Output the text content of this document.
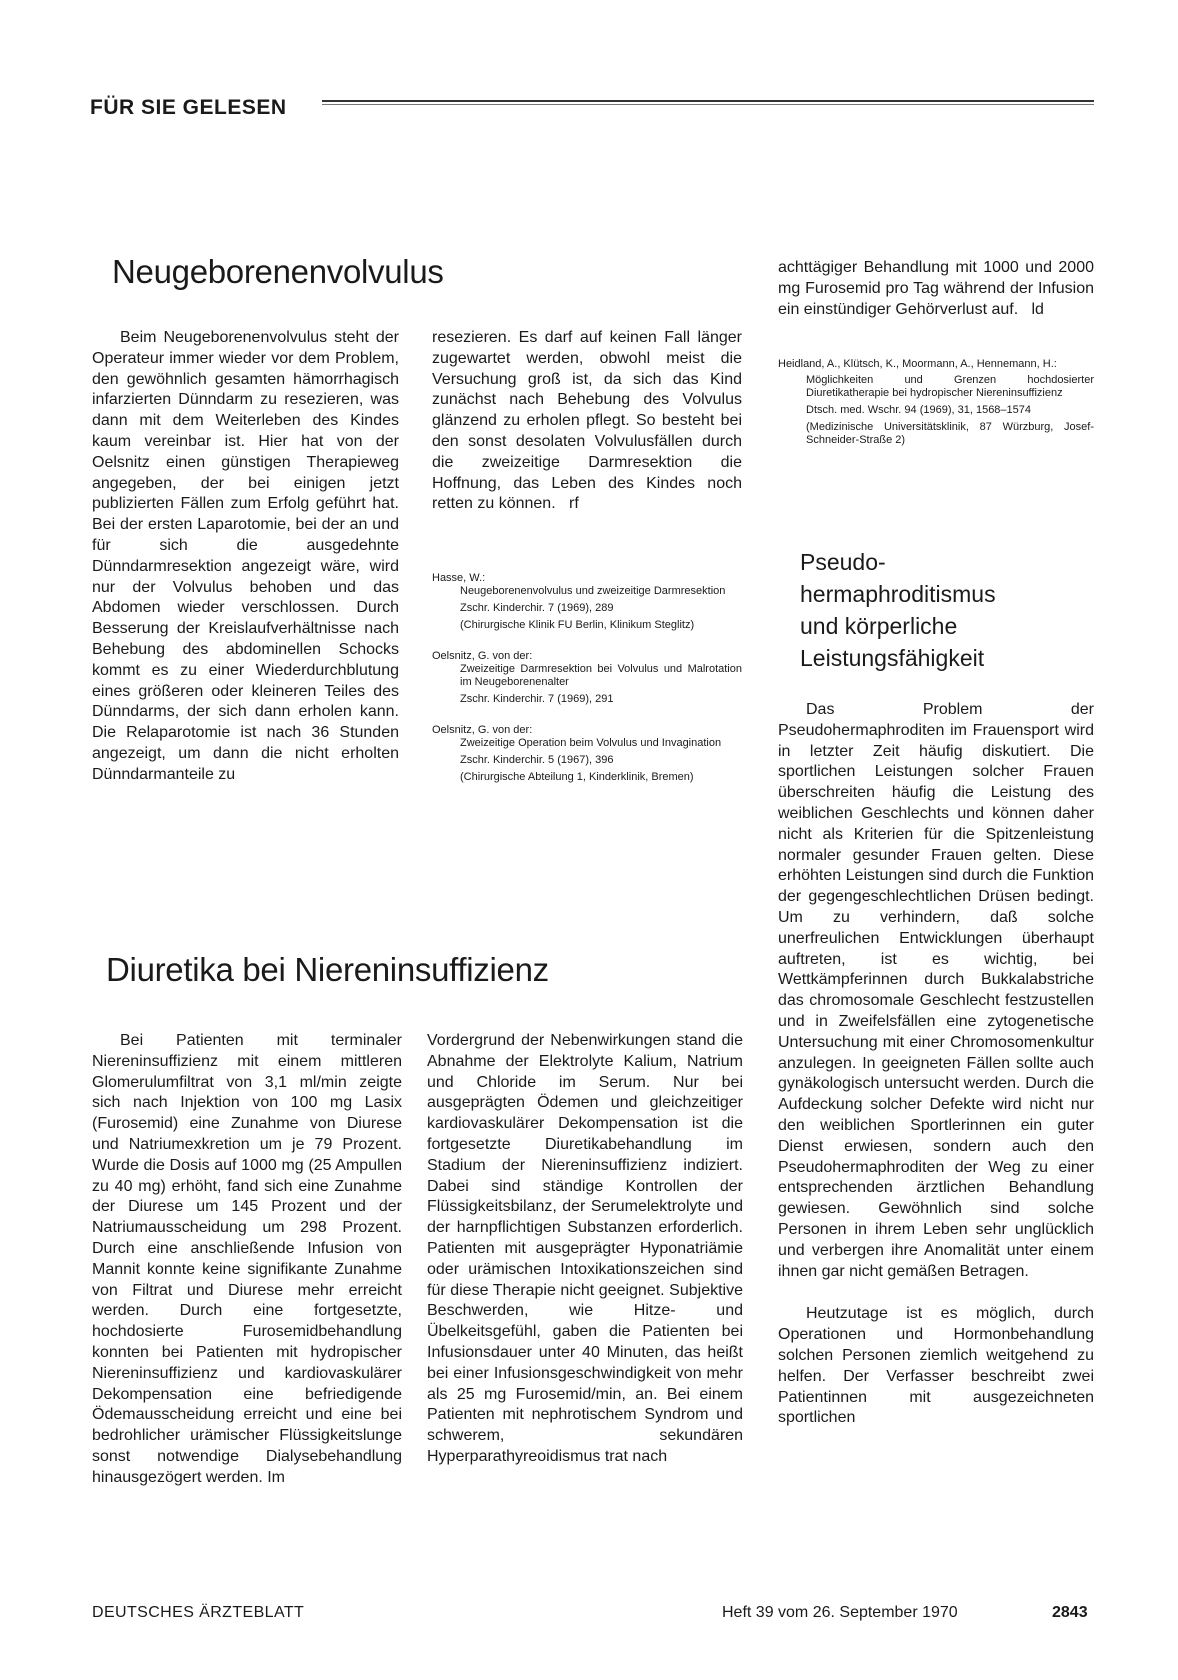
FÜR SIE GELESEN
Neugeborenenvolvulus

Beim Neugeborenenvolvulus steht der Operateur immer wieder vor dem Problem, den gewöhnlich gesamten hämorrhagisch infarzierten Dünndarm zu resezieren, was dann mit dem Weiterleben des Kindes kaum vereinbar ist. Hier hat von der Oelsnitz einen günstigen Therapieweg angegeben, der bei einigen jetzt publizierten Fällen zum Erfolg geführt hat. Bei der ersten Laparotomie, bei der an und für sich die ausgedehnte Dünndarmresektion angezeigt wäre, wird nur der Volvulus behoben und das Abdomen wieder verschlossen. Durch Besserung der Kreislaufverhältnisse nach Behebung des abdominellen Schocks kommt es zu einer Wiederdurchblutung eines größeren oder kleineren Teiles des Dünndarms, der sich dann erholen kann. Die Relaparotomie ist nach 36 Stunden angezeigt, um dann die nicht erholten Dünndarmanteile zu

resezieren. Es darf auf keinen Fall länger zugewartet werden, obwohl meist die Versuchung groß ist, da sich das Kind zunächst nach Behebung des Volvulus glänzend zu erholen pflegt. So besteht bei den sonst desolaten Volvulusfällen durch die zweizeitige Darmresektion die Hoffnung, das Leben des Kindes noch retten zu können. rf

Hasse, W.:

Neugeborenenvolvulus und zweizeitige Darmresektion

Zschr. Kinderchir. 7 (1969), 289

(Chirurgische Klinik FU Berlin, Klinikum Steglitz)

Oelsnitz, G. von der:

Zweizeitige Darmresektion bei Volvulus und Malrotation im Neugeborenenalter

Zschr. Kinderchir. 7 (1969), 291

Oelsnitz, G. von der:

Zweizeitige Operation beim Volvulus und Invagination

Zschr. Kinderchir. 5 (1967), 396

(Chirurgische Abteilung 1, Kinderklinik, Bremen)

Diuretika bei Niereninsuffizienz

Bei Patienten mit terminaler Niereninsuffizienz mit einem mittleren Glomerulumfiltrat von 3,1 ml/min zeigte sich nach Injektion von 100 mg Lasix (Furosemid) eine Zunahme von Diurese und Natriumexkretion um je 79 Prozent. Wurde die Dosis auf 1000 mg (25 Ampullen zu 40 mg) erhöht, fand sich eine Zunahme der Diurese um 145 Prozent und der Natriumausscheidung um 298 Prozent. Durch eine anschließende Infusion von Mannit konnte keine signifikante Zunahme von Filtrat und Diurese mehr erreicht werden. Durch eine fortgesetzte, hochdosierte Furosemidbehandlung konnten bei Patienten mit hydropischer Niereninsuffizienz und kardiovaskulärer Dekompensation eine befriedigende Ödemausscheidung erreicht und eine bei bedrohlicher urämischer Flüssigkeitslunge sonst notwendige Dialysebehandlung hinausgezögert werden. Im

Vordergrund der Nebenwirkungen stand die Abnahme der Elektrolyte Kalium, Natrium und Chloride im Serum. Nur bei ausgeprägten Ödemen und gleichzeitiger kardiovaskulärer Dekompensation ist die fortgesetzte Diuretikabehandlung im Stadium der Niereninsuffizienz indiziert. Dabei sind ständige Kontrollen der Flüssigkeitsbilanz, der Serumelektrolyte und der harnpflichtigen Substanzen erforderlich. Patienten mit ausgeprägter Hyponatriämie oder urämischen Intoxikationszeichen sind für diese Therapie nicht geeignet. Subjektive Beschwerden, wie Hitze- und Übelkeitsgefühl, gaben die Patienten bei Infusionsdauer unter 40 Minuten, das heißt bei einer Infusionsgeschwindigkeit von mehr als 25 mg Furosemid/min, an. Bei einem Patienten mit nephrotischem Syndrom und schwerem, sekundären Hyperparathyreoidismus trat nach

achttägiger Behandlung mit 1000 und 2000 mg Furosemid pro Tag während der Infusion ein einstündiger Gehörverlust auf. ld

Heidland, A., Klütsch, K., Moormann, A., Hennemann, H.:

Möglichkeiten und Grenzen hochdosierter Diuretikatherapie bei hydropischer Niereninsuffizienz

Dtsch. med. Wschr. 94 (1969), 31, 1568–1574

(Medizinische Universitätsklinik, 87 Würzburg, Josef-Schneider-Straße 2)

Pseudo-
hermaphroditismus
und körperliche
Leistungsfähigkeit

Das Problem der Pseudohermaphroditen im Frauensport wird in letzter Zeit häufig diskutiert. Die sportlichen Leistungen solcher Frauen überschreiten häufig die Leistung des weiblichen Geschlechts und können daher nicht als Kriterien für die Spitzenleistung normaler gesunder Frauen gelten. Diese erhöhten Leistungen sind durch die Funktion der gegengeschlechtlichen Drüsen bedingt. Um zu verhindern, daß solche unerfreulichen Entwicklungen überhaupt auftreten, ist es wichtig, bei Wettkämpferinnen durch Bukkalabstriche das chromosomale Geschlecht festzustellen und in Zweifelsfällen eine zytogenetische Untersuchung mit einer Chromosomenkultur anzulegen. In geeigneten Fällen sollte auch gynäkologisch untersucht werden. Durch die Aufdeckung solcher Defekte wird nicht nur den weiblichen Sportlerinnen ein guter Dienst erwiesen, sondern auch den Pseudohermaphroditen der Weg zu einer entsprechenden ärztlichen Behandlung gewiesen. Gewöhnlich sind solche Personen in ihrem Leben sehr unglücklich und verbergen ihre Anomalität unter einem ihnen gar nicht gemäßen Betragen.

Heutzutage ist es möglich, durch Operationen und Hormonbehandlung solchen Personen ziemlich weitgehend zu helfen. Der Verfasser beschreibt zwei Patientinnen mit ausgezeichneten sportlichen

DEUTSCHES ÄRZTEBLATT	Heft 39 vom 26. September 1970	2843
